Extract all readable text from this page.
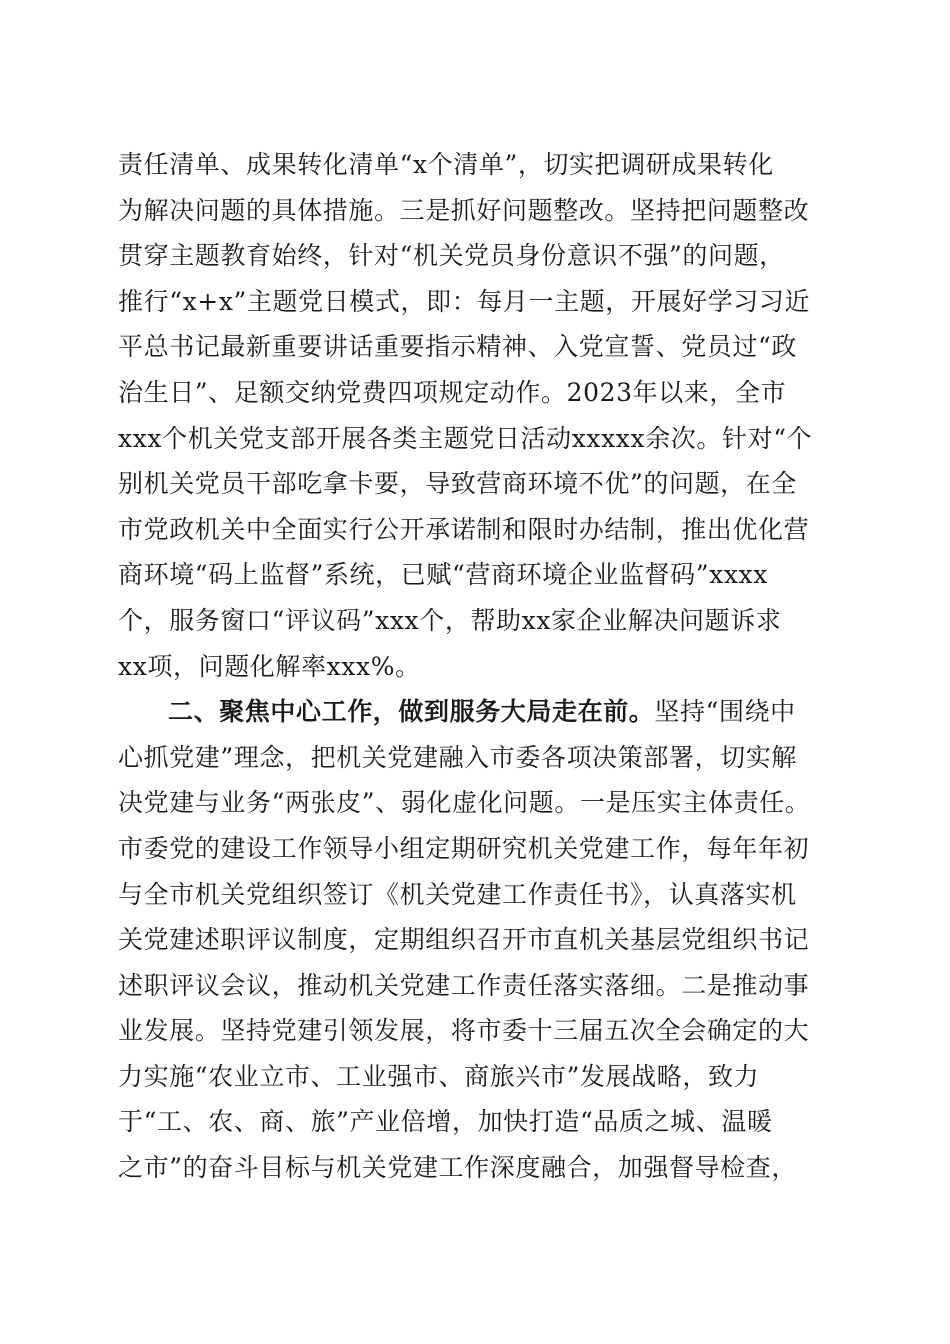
责任清单、成果转化清单“x个清单”，切实把调研成果转化
为解决问题的具体措施。三是抓好问题整改。坚持把问题整改
贯穿主题教育始终，针对“机关党员身份意识不强”的问题，
推行“x+x”主题党日模式，即：每月一主题，开展好学习习近
平总书记最新重要讲话重要指示精神、入党宣誓、党员过“政
治生日”、足额交纳党费四项规定动作。2023年以来，全市
xxx个机关党支部开展各类主题党日活动xxxxx余次。针对“个
别机关党员干部吃拿卡要，导致营商环境不优”的问题，在全
市党政机关中全面实行公开承诺制和限时办结制，推出优化营
商环境“码上监督”系统，已赋“营商环境企业监督码”xxxx
个，服务窗口“评议码”xxx个，帮助xx家企业解决问题诉求
xx项，问题化解率xxx%。
二、聚焦中心工作，做到服务大局走在前。坚持“围绕中
心抓党建”理念，把机关党建融入市委各项决策部署，切实解
决党建与业务“两张皮”、弱化虚化问题。一是压实主体责任。
市委党的建设工作领导小组定期研究机关党建工作，每年年初
与全市机关党组织签订《机关党建工作责任书》，认真落实机
关党建述职评议制度，定期组织召开市直机关基层党组织书记
述职评议会议，推动机关党建工作责任落实落细。二是推动事
业发展。坚持党建引领发展，将市委十三届五次全会确定的大
力实施“农业立市、工业强市、商旅兴市”发展战略，致力
于“工、农、商、旅”产业倍增，加快打造“品质之城、温暖
之市”的奋斗目标与机关党建工作深度融合，加强督导检查，
